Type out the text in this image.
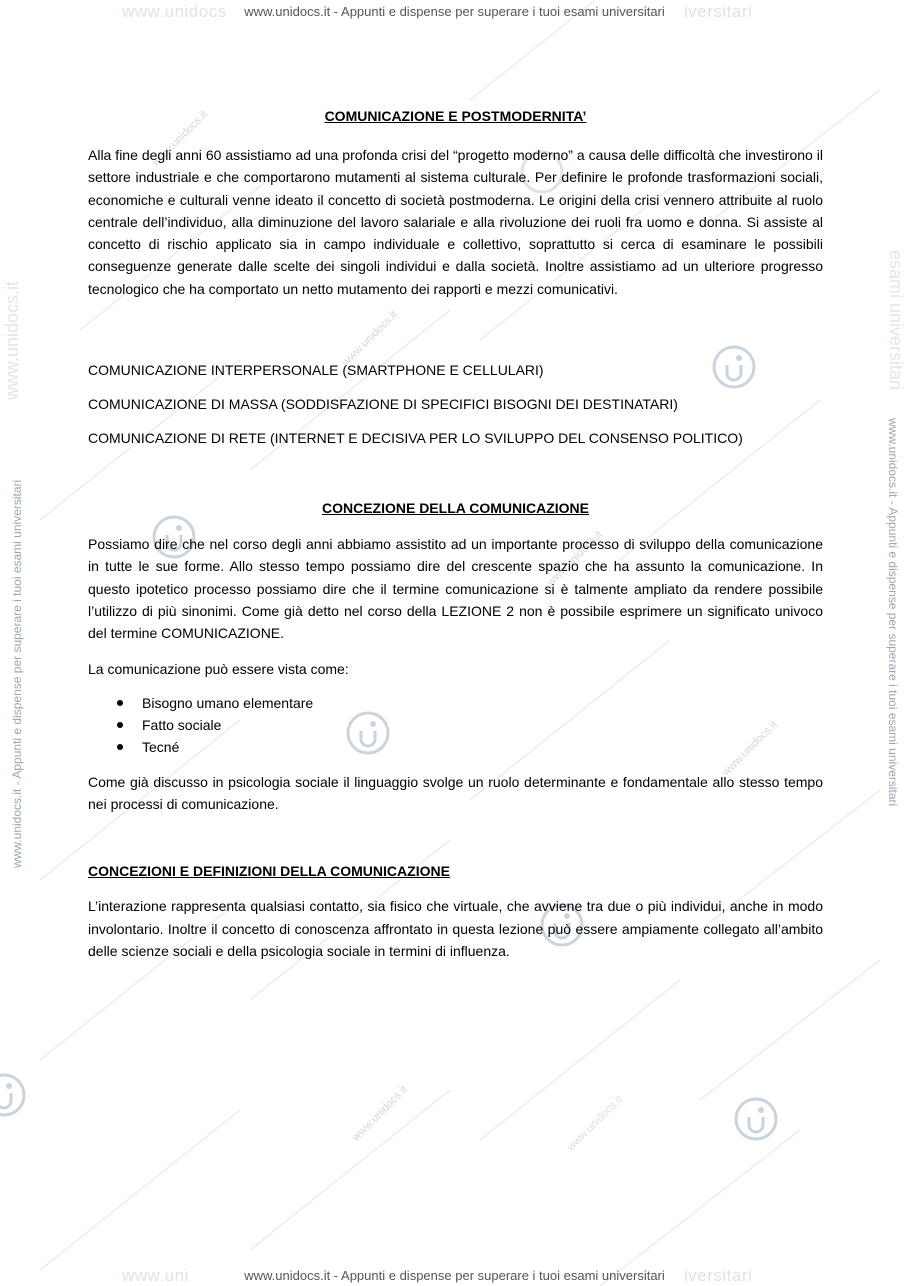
www.unidocs.it
www.unidocs.it
www.unidocs.it
www.unidocs.it
www.unidocs.it	www.unidocs.it
www.unidocs	iversitari
www.unidocs.it - Appunti e dispense per superare i tuoi esami universitari
www.unidocs.it
www.unidocs.it - Appunti e dispense per superare i tuoi esami universitari	www.unidocs.it - Appunti e dispense per superare i tuoi esami universitari
esami universitari
COMUNICAZIONE E POSTMODERNITA’

Alla fine degli anni 60 assistiamo ad una profonda crisi del “progetto moderno” a causa delle difficoltà che investirono il settore industriale e che comportarono mutamenti al sistema culturale. Per definire le profonde trasformazioni sociali, economiche e culturali venne ideato il concetto di società postmoderna. Le origini della crisi vennero attribuite al ruolo centrale dell’individuo, alla diminuzione del lavoro salariale e alla rivoluzione dei ruoli fra uomo e donna. Si assiste al concetto di rischio applicato sia in campo individuale e collettivo, soprattutto si cerca di esaminare le possibili conseguenze generate dalle scelte dei singoli individui e dalla società. Inoltre assistiamo ad un ulteriore progresso tecnologico che ha comportato un netto mutamento dei rapporti e mezzi comunicativi.

COMUNICAZIONE INTERPERSONALE (SMARTPHONE E CELLULARI)
COMUNICAZIONE DI MASSA (SODDISFAZIONE DI SPECIFICI BISOGNI DEI DESTINATARI)
COMUNICAZIONE DI RETE (INTERNET E DECISIVA PER LO SVILUPPO DEL CONSENSO POLITICO)
CONCEZIONE DELLA COMUNICAZIONE

Possiamo dire che nel corso degli anni abbiamo assistito ad un importante processo di sviluppo della comunicazione in tutte le sue forme. Allo stesso tempo possiamo dire del crescente spazio che ha assunto la comunicazione. In questo ipotetico processo possiamo dire che il termine comunicazione si è talmente ampliato da rendere possibile l’utilizzo di più sinonimi. Come già detto nel corso della LEZIONE 2 non è possibile esprimere un significato univoco del termine COMUNICAZIONE.

La comunicazione può essere vista come:

Bisogno umano elementare
Fatto sociale
Tecné

Come già discusso in psicologia sociale il linguaggio svolge un ruolo determinante e fondamentale allo stesso tempo nei processi di comunicazione.

CONCEZIONI E DEFINIZIONI DELLA COMUNICAZIONE

L’interazione rappresenta qualsiasi contatto, sia fisico che virtuale, che avviene tra due o più individui, anche in modo involontario. Inoltre il concetto di conoscenza affrontato in questa lezione può essere ampiamente collegato all’ambito delle scienze sociali e della psicologia sociale in termini di influenza.

www.uni	iversitari
www.unidocs.it - Appunti e dispense per superare i tuoi esami universitari
